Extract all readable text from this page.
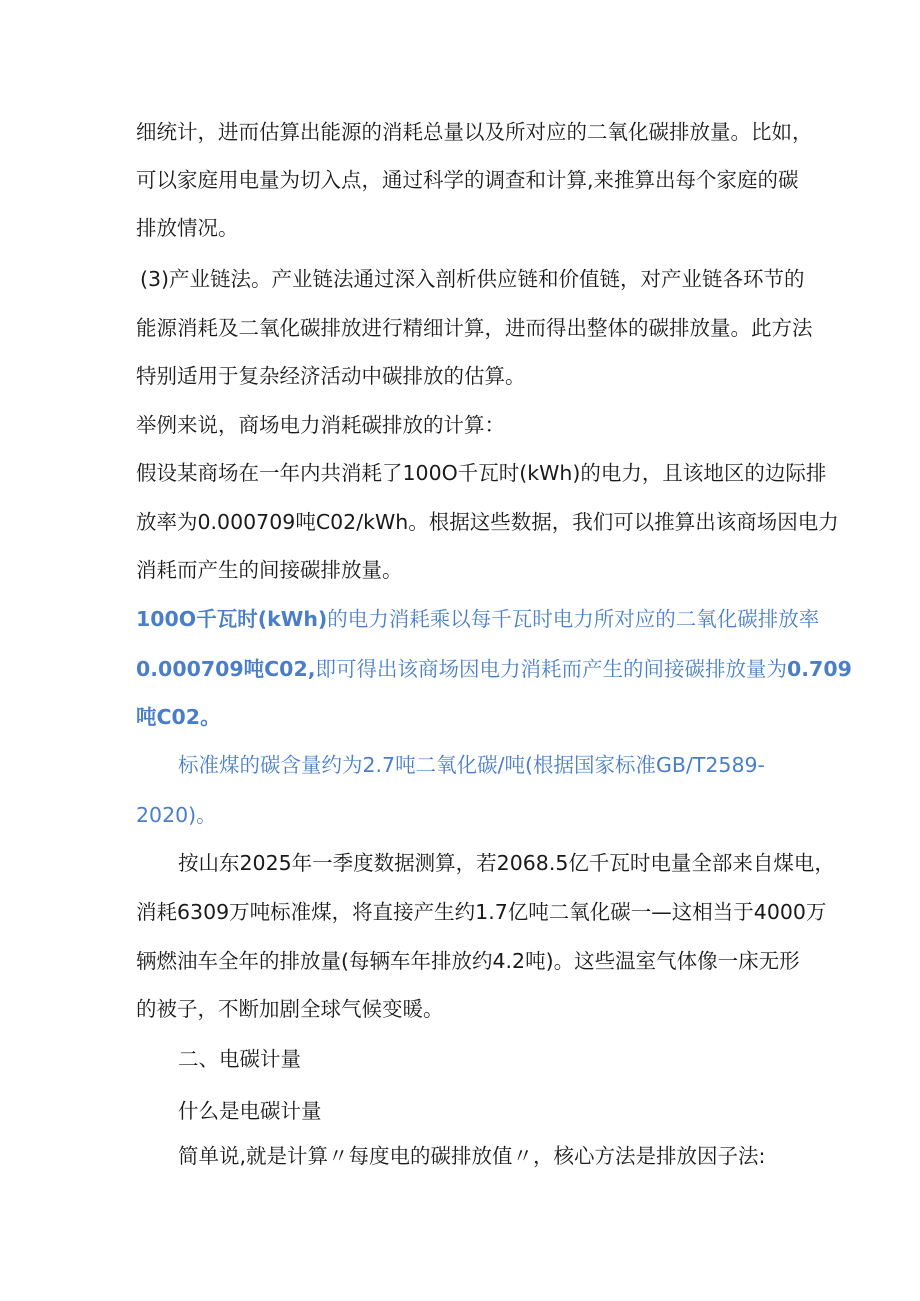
细统计，进而估算出能源的消耗总量以及所对应的二氧化碳排放量。比如，
可以家庭用电量为切入点，通过科学的调查和计算,来推算出每个家庭的碳
排放情况。
(3)产业链法。产业链法通过深入剖析供应链和价值链，对产业链各环节的
能源消耗及二氧化碳排放进行精细计算，进而得出整体的碳排放量。此方法
特别适用于复杂经济活动中碳排放的估算。
举例来说，商场电力消耗碳排放的计算：
假设某商场在一年内共消耗了100O千瓦时(kWh)的电力，且该地区的边际排
放率为0.000709吨C02∕kWh。根据这些数据，我们可以推算出该商场因电力
消耗而产生的间接碳排放量。
100O千瓦时(kWh)的电力消耗乘以每千瓦时电力所对应的二氧化碳排放率
0.000709吨C02,即可得出该商场因电力消耗而产生的间接碳排放量为0.709
吨C02。
标准煤的碳含量约为2.7吨二氧化碳/吨(根据国家标准GB/T2589-
2020)。
按山东2025年一季度数据测算，若2068.5亿千瓦时电量全部来自煤电，
消耗6309万吨标准煤，将直接产生约1.7亿吨二氧化碳一—这相当于4000万
辆燃油车全年的排放量(每辆车年排放约4.2吨)。这些温室气体像一床无形
的被子，不断加剧全球气候变暖。
二、电碳计量
什么是电碳计量
简单说,就是计算〃每度电的碳排放值〃，核心方法是排放因子法:
